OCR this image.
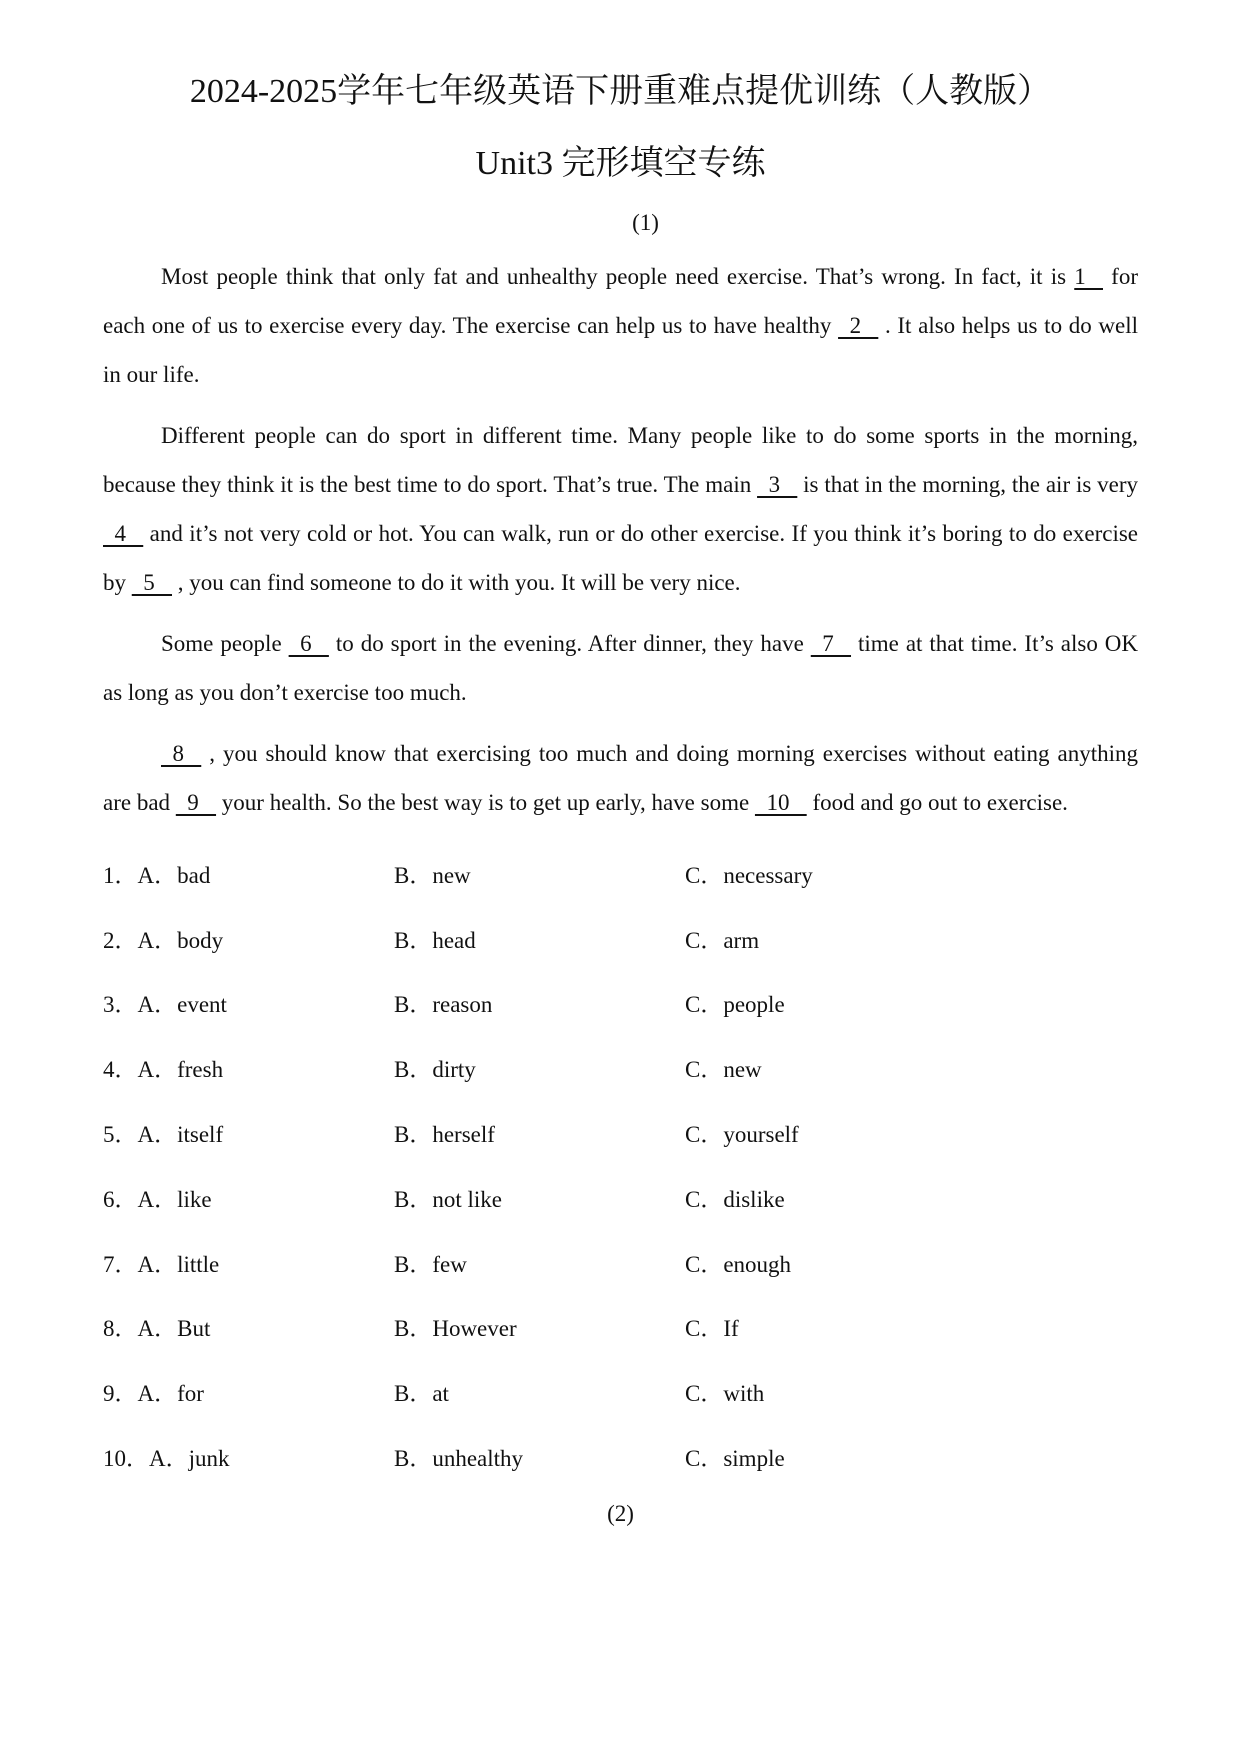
2024-2025学年七年级英语下册重难点提优训练（人教版）
Unit3 完形填空专练
(1)

Most people think that only fat and unhealthy people need exercise. That’s wrong. In fact, it is 1    for each one of us to exercise every day. The exercise can help us to have healthy   2    . It also helps us to do well in our life.

Different people can do sport in different time. Many people like to do some sports in the morning, because they think it is the best time to do sport. That’s true. The main   3    is that in the morning, the air is very   4    and it’s not very cold or hot. You can walk, run or do other exercise. If you think it’s boring to do exercise by   5    , you can find someone to do it with you. It will be very nice.

Some people   6    to do sport in the evening. After dinner, they have   7    time at that time. It’s also OK as long as you don’t exercise too much.

8    , you should know that exercising too much and doing morning exercises without eating anything are bad   9    your health. So the best way is to get up early, have some   10    food and go out to exercise.

1．A．bad	B．new	C．necessary
2．A．body	B．head	C．arm
3．A．event	B．reason	C．people
4．A．fresh	B．dirty	C．new
5．A．itself	B．herself	C．yourself
6．A．like	B．not like	C．dislike
7．A．little	B．few	C．enough
8．A．But	B．However	C．If
9．A．for	B．at	C．with
10．A．junk	B．unhealthy	C．simple
(2)
